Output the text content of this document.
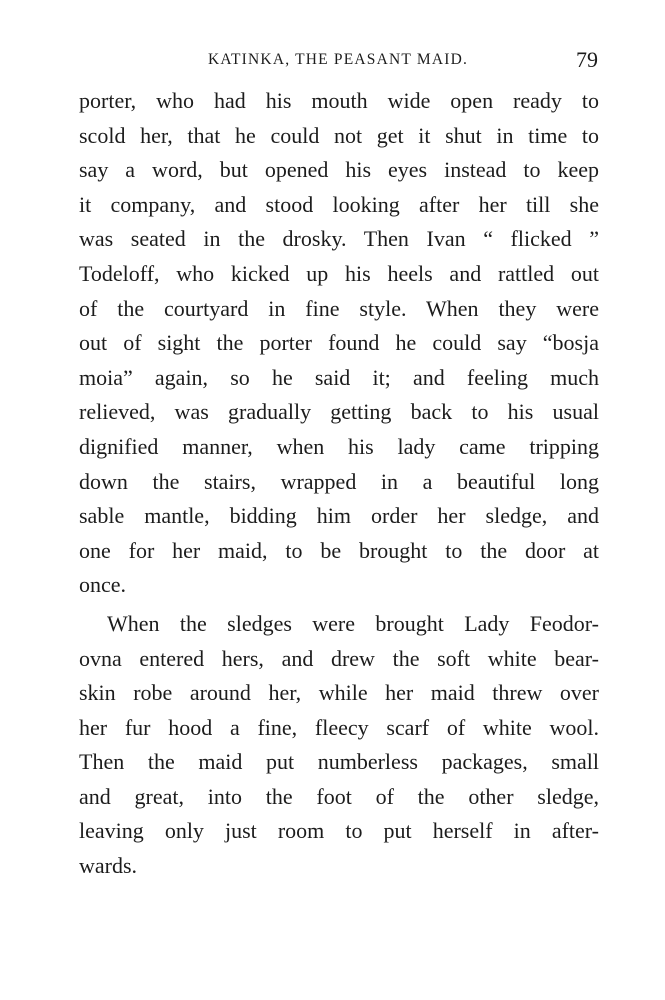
KATINKA, THE PEASANT MAID.	79
porter, who had his mouth wide open ready to
scold her, that he could not get it shut in time to
say a word, but opened his eyes instead to keep
it company, and stood looking after her till she
was seated in the drosky. Then Ivan “ flicked ”
Todeloff, who kicked up his heels and rattled out
of the courtyard in fine style. When they were
out of sight the porter found he could say “bosja
moia” again, so he said it; and feeling much
relieved, was gradually getting back to his usual
dignified manner, when his lady came tripping
down the stairs, wrapped in a beautiful long
sable mantle, bidding him order her sledge, and
one for her maid, to be brought to the door at
once.
When the sledges were brought Lady Feodor-
ovna entered hers, and drew the soft white bear-
skin robe around her, while her maid threw over
her fur hood a fine, fleecy scarf of white wool.
Then the maid put numberless packages, small
and great, into the foot of the other sledge,
leaving only just room to put herself in after-
wards.
